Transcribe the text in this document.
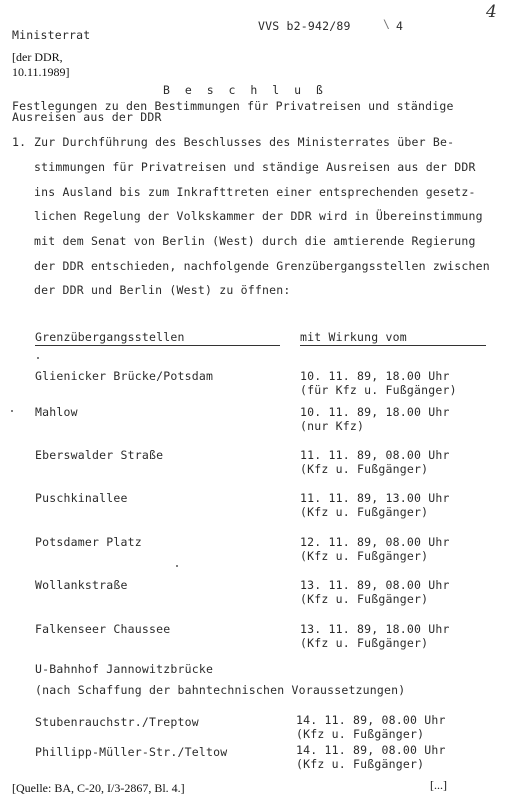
Ministerrat
VVS b2-942/89	\ 4
4
[der DDR,
10.11.1989]
B e s c h l u ß
Festlegungen zu den Bestimmungen für Privatreisen und ständige
Ausreisen aus der DDR
1. Zur Durchführung des Beschlusses des Ministerrates über Be-
stimmungen für Privatreisen und ständige Ausreisen aus der DDR
ins Ausland bis zum Inkrafttreten einer entsprechenden gesetz-
lichen Regelung der Volkskammer der DDR wird in Übereinstimmung
mit dem Senat von Berlin (West) durch die amtierende Regierung
der DDR entschieden, nachfolgende Grenzübergangsstellen zwischen
der DDR und Berlin (West) zu öffnen:
Grenzübergangsstellen	mit Wirkung vom
Glienicker Brücke/Potsdam	10. 11. 89, 18.00 Uhr
(für Kfz u. Fußgänger)
Mahlow	10. 11. 89, 18.00 Uhr
(nur Kfz)
Eberswalder Straße	11. 11. 89, 08.00 Uhr
(Kfz u. Fußgänger)
Puschkinallee	11. 11. 89, 13.00 Uhr
(Kfz u. Fußgänger)
Potsdamer Platz	12. 11. 89, 08.00 Uhr
(Kfz u. Fußgänger)
Wollankstraße	13. 11. 89, 08.00 Uhr
(Kfz u. Fußgänger)
Falkenseer Chaussee	13. 11. 89, 18.00 Uhr
(Kfz u. Fußgänger)
U-Bahnhof Jannowitzbrücke
(nach Schaffung der bahntechnischen Voraussetzungen)
Stubenrauchstr./Treptow	14. 11. 89, 08.00 Uhr
(Kfz u. Fußgänger)
Phillipp-Müller-Str./Teltow	14. 11. 89, 08.00 Uhr
(Kfz u. Fußgänger)
[Quelle: BA, C-20, I/3-2867, Bl. 4.]	[...]
